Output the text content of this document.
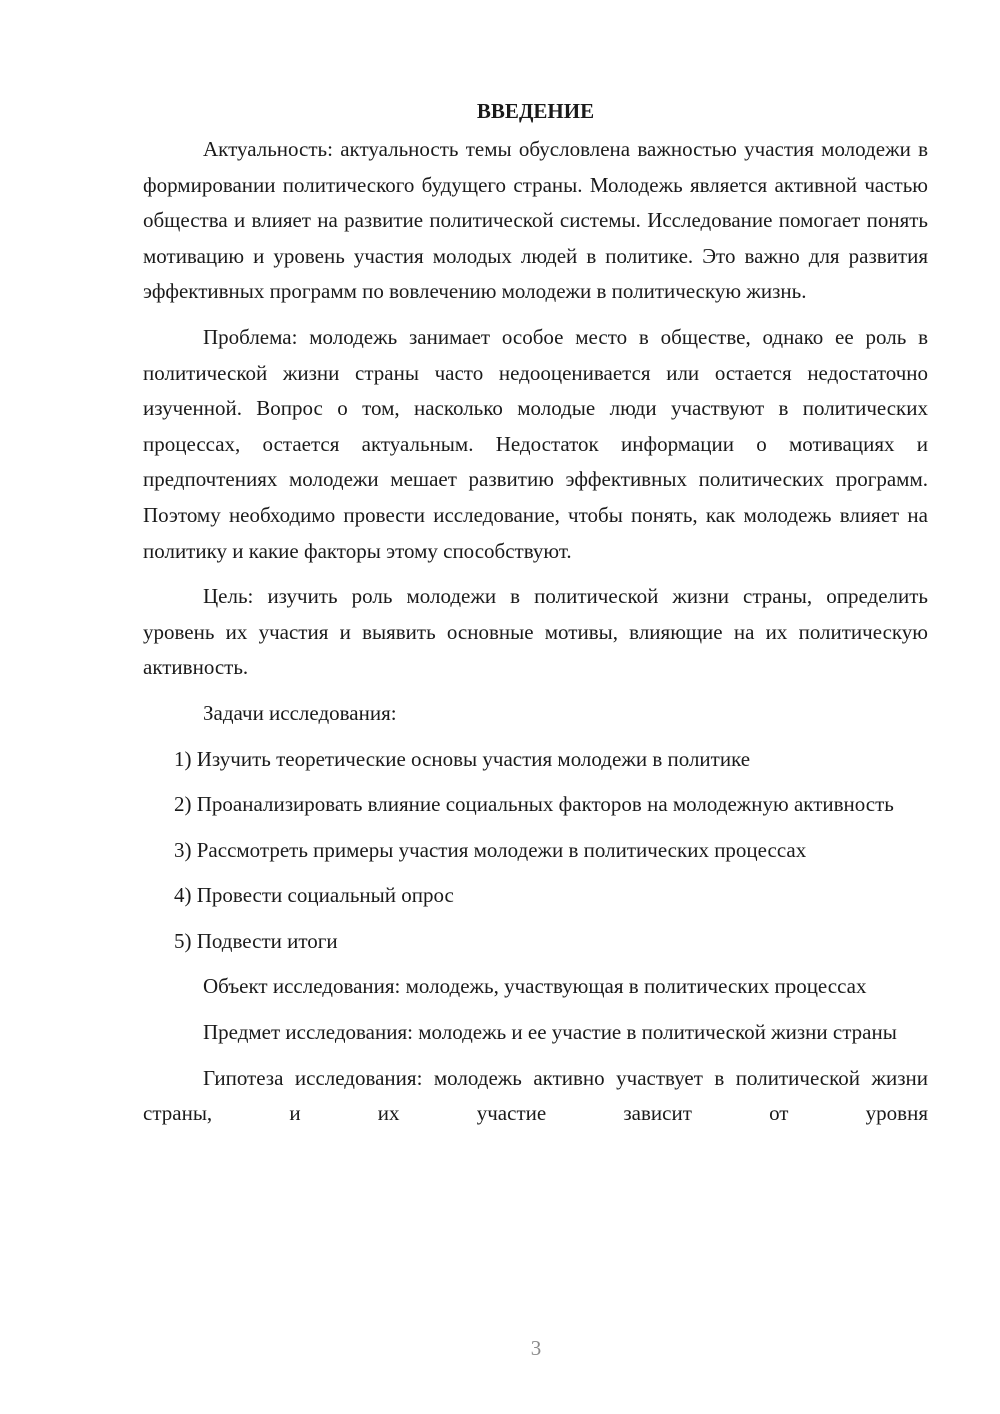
ВВЕДЕНИЕ

Актуальность: актуальность темы обусловлена важностью участия молодежи в формировании политического будущего страны. Молодежь является активной частью общества и влияет на развитие политической системы. Исследование помогает понять мотивацию и уровень участия молодых людей в политике. Это важно для развития эффективных программ по вовлечению молодежи в политическую жизнь.

Проблема: молодежь занимает особое место в обществе, однако ее роль в политической жизни страны часто недооценивается или остается недостаточно изученной. Вопрос о том, насколько молодые люди участвуют в политических процессах, остается актуальным. Недостаток информации о мотивациях и предпочтениях молодежи мешает развитию эффективных политических программ. Поэтому необходимо провести исследование, чтобы понять, как молодежь влияет на политику и какие факторы этому способствуют.

Цель: изучить роль молодежи в политической жизни страны, определить уровень их участия и выявить основные мотивы, влияющие на их политическую активность.

Задачи исследования:

1) Изучить теоретические основы участия молодежи в политике

2) Проанализировать влияние социальных факторов на молодежную активность

3) Рассмотреть примеры участия молодежи в политических процессах

4) Провести социальный опрос

5) Подвести итоги

Объект исследования: молодежь, участвующая в политических процессах

Предмет исследования: молодежь и ее участие в политической жизни страны

Гипотеза исследования: молодежь активно участвует в политической жизни страны, и их участие зависит от уровня

3
